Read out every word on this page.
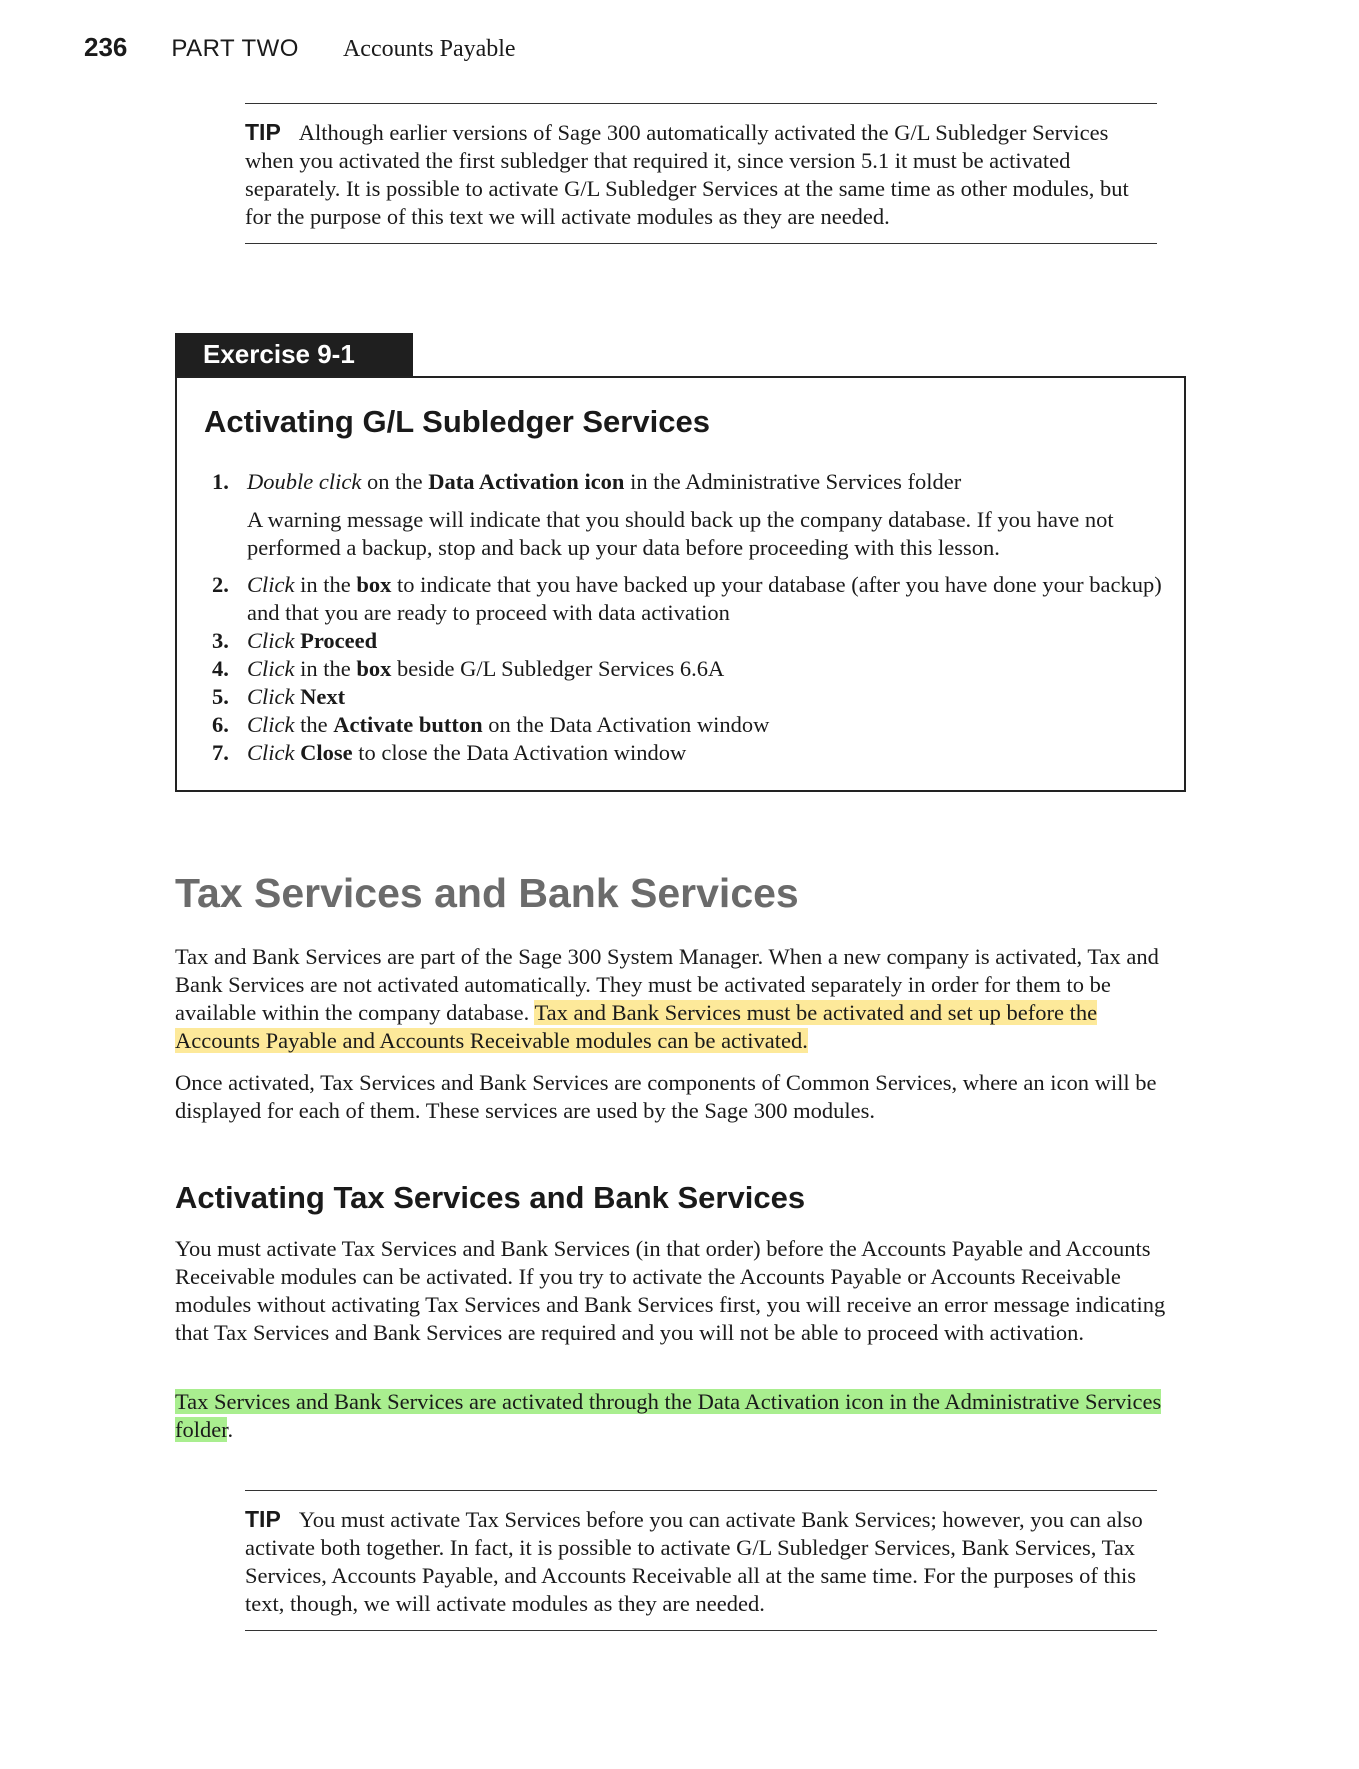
236 PART TWO Accounts Payable

TIP Although earlier versions of Sage 300 automatically activated the G/L Subledger Services when you activated the first subledger that required it, since version 5.1 it must be activated separately. It is possible to activate G/L Subledger Services at the same time as other modules, but for the purpose of this text we will activate modules as they are needed.

Exercise 9-1
Activating G/L Subledger Services
1. Double click on the Data Activation icon in the Administrative Services folder
A warning message will indicate that you should back up the company database. If you have not performed a backup, stop and back up your data before proceeding with this lesson.
2. Click in the box to indicate that you have backed up your database (after you have done your backup) and that you are ready to proceed with data activation
3. Click Proceed
4. Click in the box beside G/L Subledger Services 6.6A
5. Click Next
6. Click the Activate button on the Data Activation window
7. Click Close to close the Data Activation window
Tax Services and Bank Services

Tax and Bank Services are part of the Sage 300 System Manager. When a new company is activated, Tax and Bank Services are not activated automatically. They must be activated separately in order for them to be available within the company database. Tax and Bank Services must be activated and set up before the Accounts Payable and Accounts Receivable modules can be activated.

Once activated, Tax Services and Bank Services are components of Common Services, where an icon will be displayed for each of them. These services are used by the Sage 300 modules.

Activating Tax Services and Bank Services

You must activate Tax Services and Bank Services (in that order) before the Accounts Payable and Accounts Receivable modules can be activated. If you try to activate the Accounts Payable or Accounts Receivable modules without activating Tax Services and Bank Services first, you will receive an error message indicating that Tax Services and Bank Services are required and you will not be able to proceed with activation.

Tax Services and Bank Services are activated through the Data Activation icon in the Administrative Services folder.

TIP You must activate Tax Services before you can activate Bank Services; however, you can also activate both together. In fact, it is possible to activate G/L Subledger Services, Bank Services, Tax Services, Accounts Payable, and Accounts Receivable all at the same time. For the purposes of this text, though, we will activate modules as they are needed.
